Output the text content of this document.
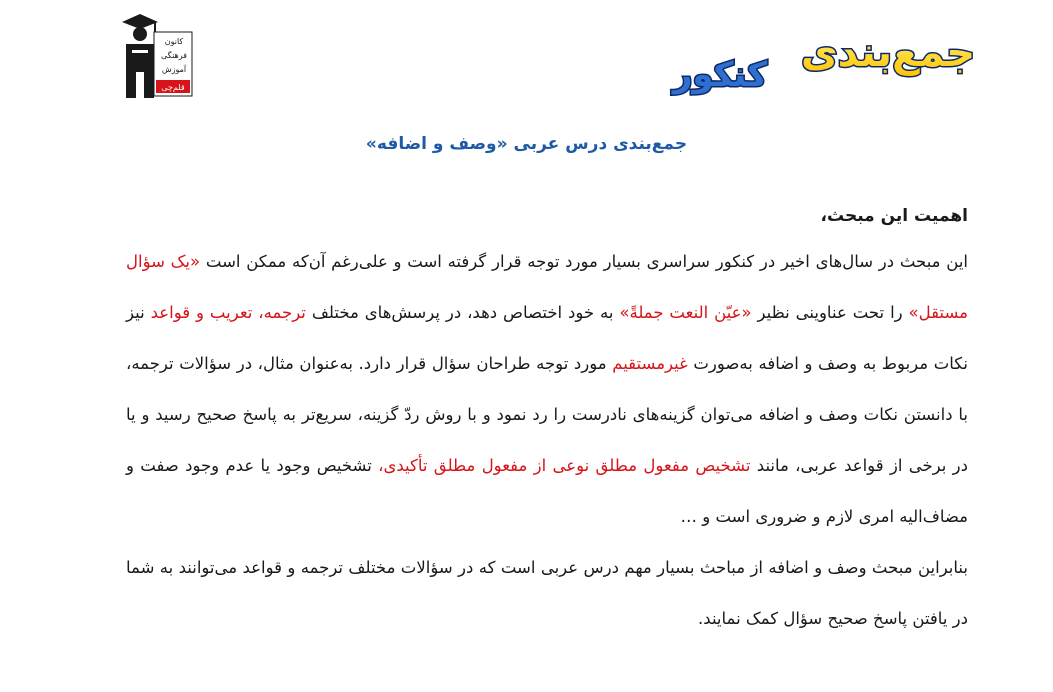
کانون
فرهنگی
آموزش
قلم‌چی
جمع‌بندی
کنکور
جمع‌بندی درس عربی «وصف و اضافه»

اهمیت این مبحث،

این مبحث در سال‌های اخیر در کنکور سراسری بسیار مورد توجه قرار گرفته است و علی‌رغم آن‌که ممکن است «یک سؤال مستقل» را تحت عناوینی نظیر «عیّن النعت جملةً» به خود اختصاص دهد، در پرسش‌های مختلف ترجمه، تعریب و قواعد نیز نکات مربوط به وصف و اضافه به‌صورت غیرمستقیم مورد توجه طراحان سؤال قرار دارد. به‌عنوان مثال، در سؤالات ترجمه، با دانستن نکات وصف و اضافه می‌توان گزینه‌های نادرست را رد نمود و با روش ردّ گزینه، سریع‌تر به پاسخ صحیح رسید و یا در برخی از قواعد عربی، مانند تشخیص مفعول مطلق نوعی از مفعول مطلق تأکیدی، تشخیص وجود یا عدم وجود صفت و مضاف‌الیه امری لازم و ضروری است و …

بنابراین مبحث وصف و اضافه از مباحث بسیار مهم درس عربی است که در سؤالات مختلف ترجمه و قواعد می‌توانند به شما در یافتن پاسخ صحیح سؤال کمک نمایند.
